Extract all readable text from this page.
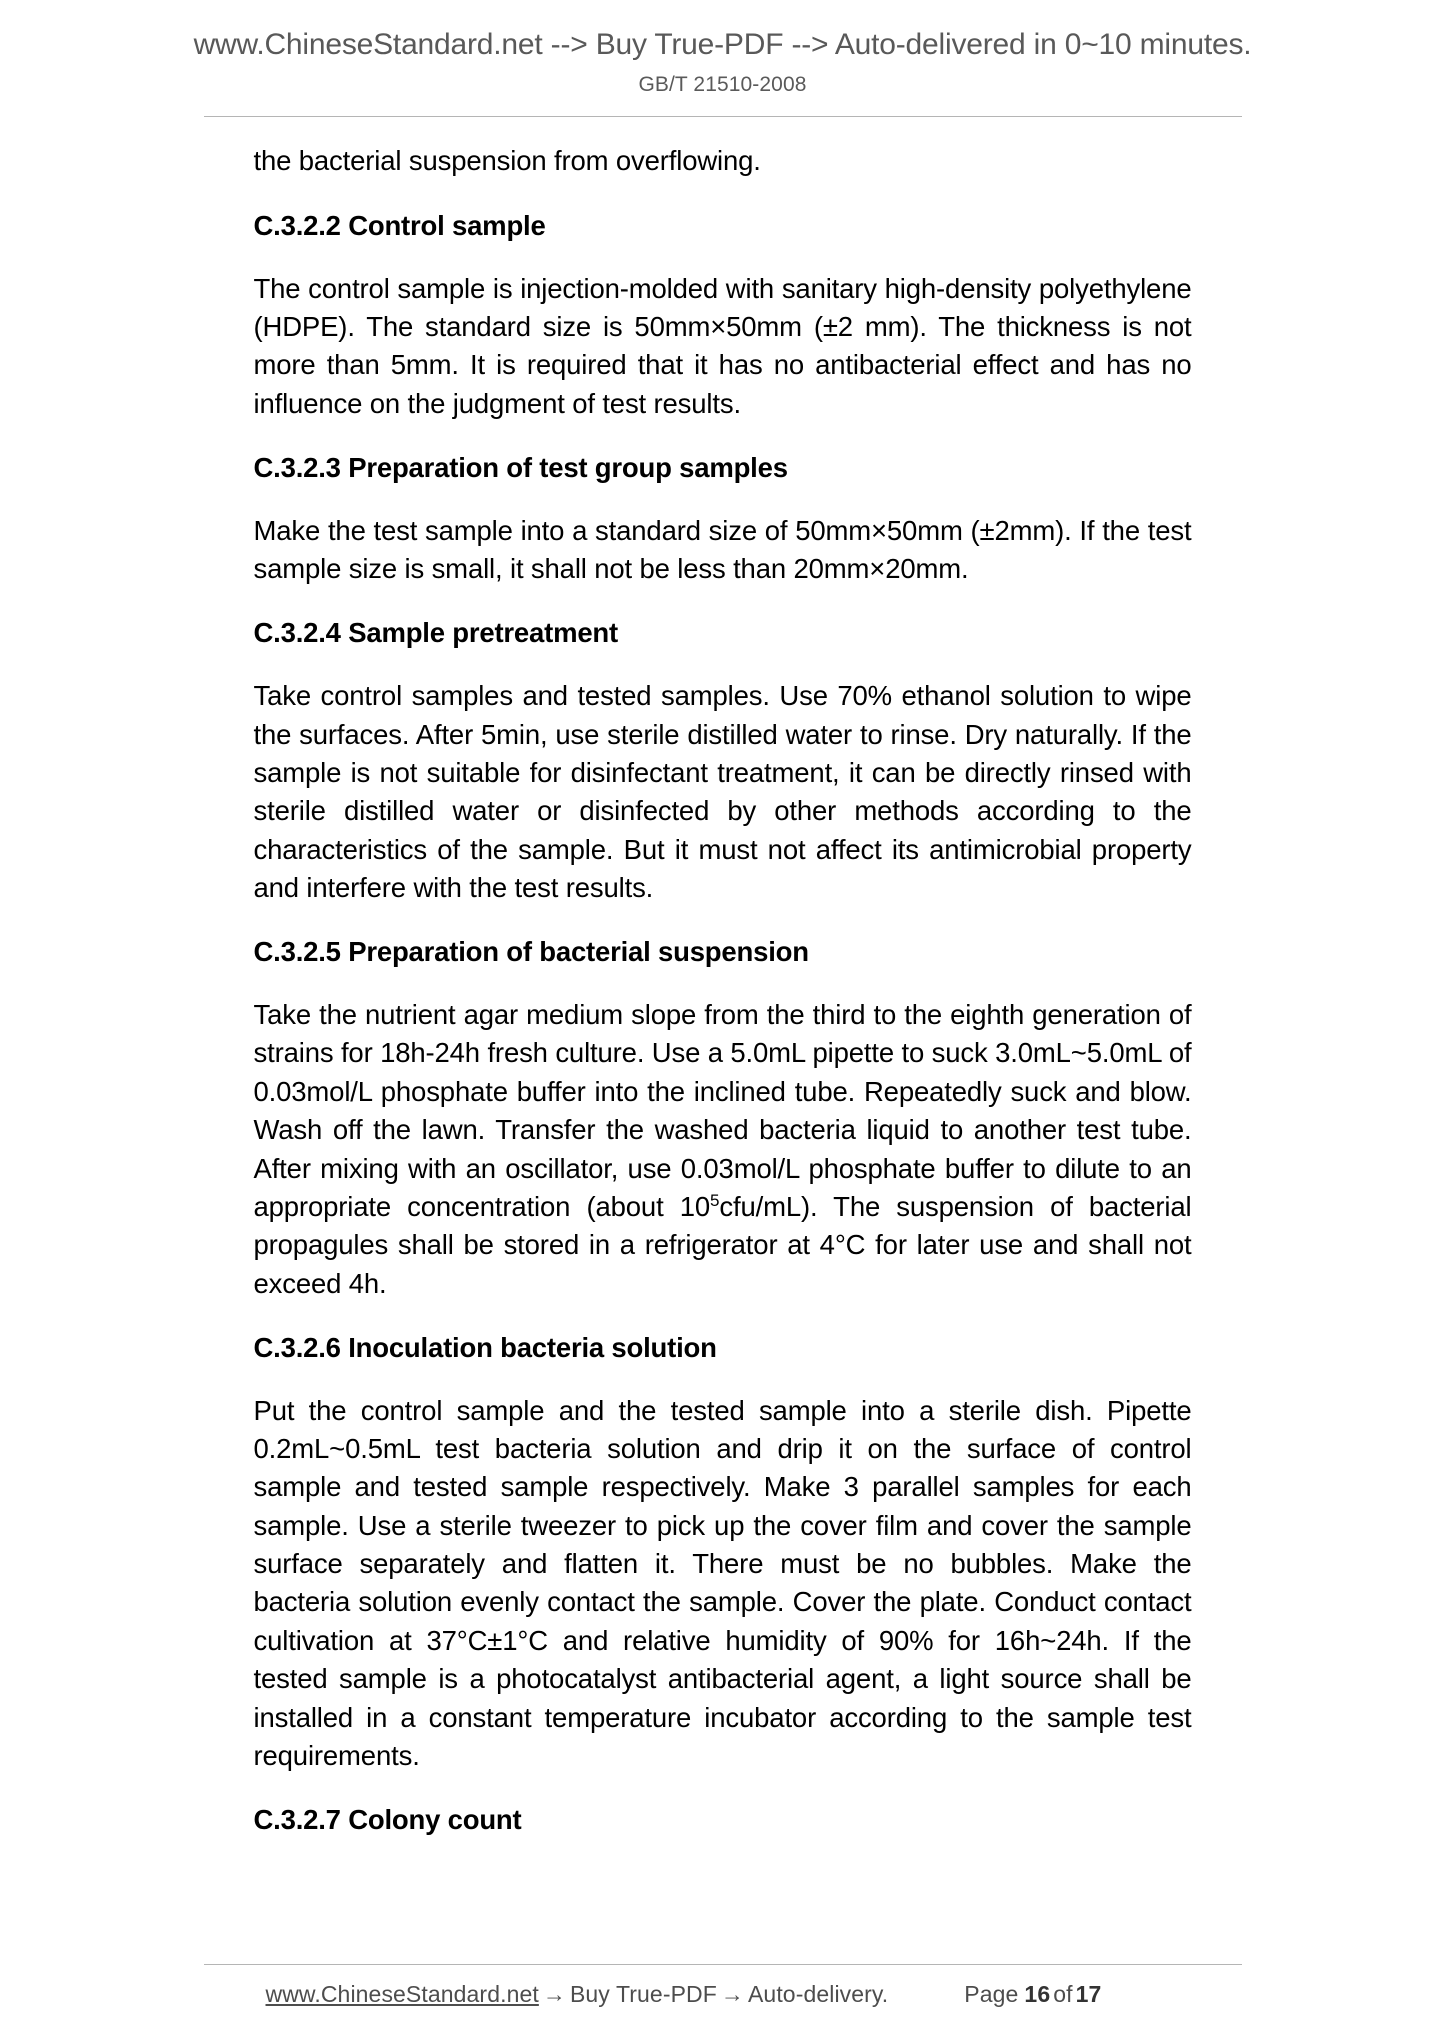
www.ChineseStandard.net --> Buy True-PDF --> Auto-delivered in 0~10 minutes.
GB/T 21510-2008

the bacterial suspension from overflowing.

C.3.2.2 Control sample

The control sample is injection-molded with sanitary high-density polyethylene (HDPE). The standard size is 50mm×50mm (±2 mm). The thickness is not more than 5mm. It is required that it has no antibacterial effect and has no influence on the judgment of test results.

C.3.2.3 Preparation of test group samples

Make the test sample into a standard size of 50mm×50mm (±2mm). If the test sample size is small, it shall not be less than 20mm×20mm.

C.3.2.4 Sample pretreatment

Take control samples and tested samples. Use 70% ethanol solution to wipe the surfaces. After 5min, use sterile distilled water to rinse. Dry naturally. If the sample is not suitable for disinfectant treatment, it can be directly rinsed with sterile distilled water or disinfected by other methods according to the characteristics of the sample. But it must not affect its antimicrobial property and interfere with the test results.

C.3.2.5 Preparation of bacterial suspension

Take the nutrient agar medium slope from the third to the eighth generation of strains for 18h-24h fresh culture. Use a 5.0mL pipette to suck 3.0mL~5.0mL of 0.03mol/L phosphate buffer into the inclined tube. Repeatedly suck and blow. Wash off the lawn. Transfer the washed bacteria liquid to another test tube. After mixing with an oscillator, use 0.03mol/L phosphate buffer to dilute to an appropriate concentration (about $10^5cfu/mL$). The suspension of bacterial propagules shall be stored in a refrigerator at 4°C for later use and shall not exceed 4h.

C.3.2.6 Inoculation bacteria solution

Put the control sample and the tested sample into a sterile dish. Pipette 0.2mL~0.5mL test bacteria solution and drip it on the surface of control sample and tested sample respectively. Make 3 parallel samples for each sample. Use a sterile tweezer to pick up the cover film and cover the sample surface separately and flatten it. There must be no bubbles. Make the bacteria solution evenly contact the sample. Cover the plate. Conduct contact cultivation at 37°C±1°C and relative humidity of 90% for 16h~24h. If the tested sample is a photocatalyst antibacterial agent, a light source shall be installed in a constant temperature incubator according to the sample test requirements.

C.3.2.7 Colony count
www.ChineseStandard.net → Buy True-PDF → Auto-delivery.	Page 16 of 17
